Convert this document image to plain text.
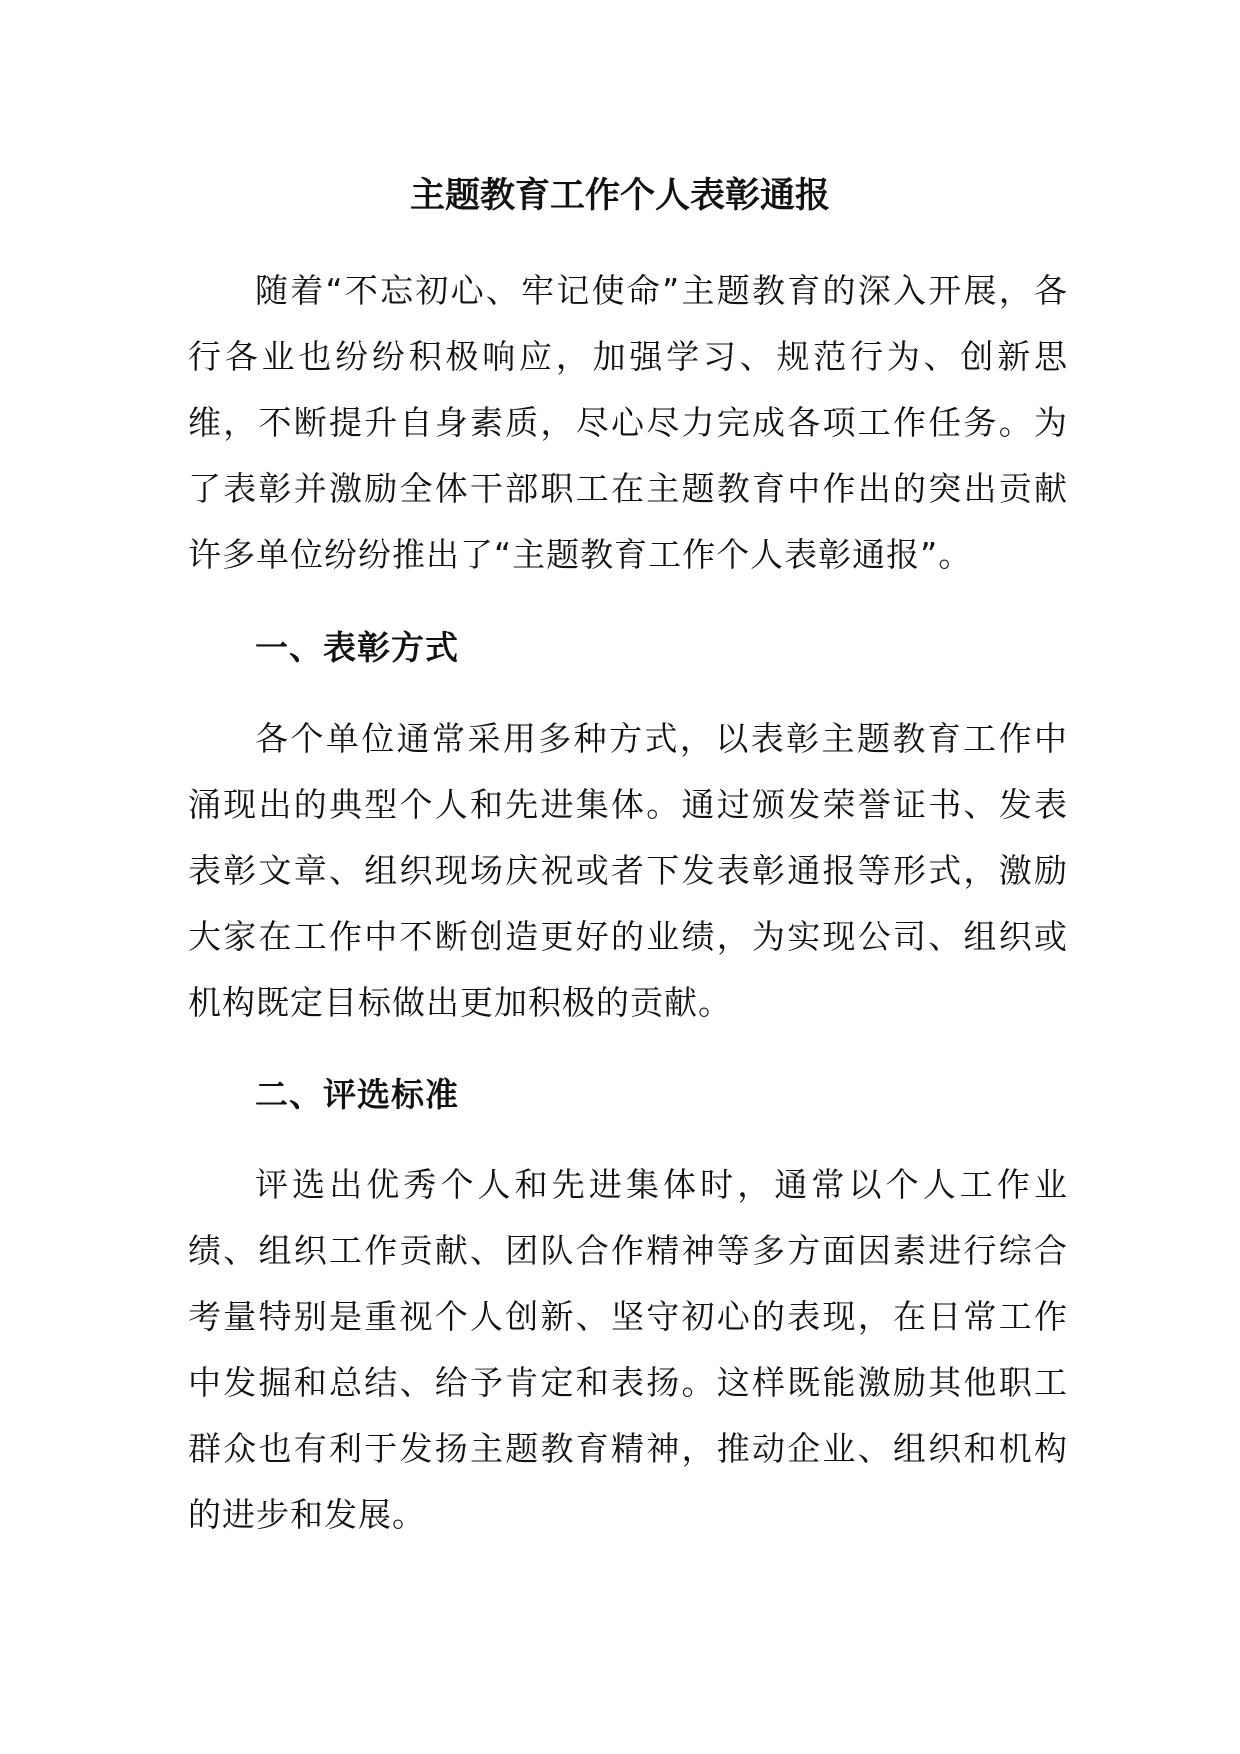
主题教育工作个人表彰通报

随着“不忘初心、牢记使命”主题教育的深入开展，各行各业也纷纷积极响应，加强学习、规范行为、创新思维，不断提升自身素质，尽心尽力完成各项工作任务。为了表彰并激励全体干部职工在主题教育中作出的突出贡献许多单位纷纷推出了“主题教育工作个人表彰通报”。

一、表彰方式

各个单位通常采用多种方式，以表彰主题教育工作中涌现出的典型个人和先进集体。通过颁发荣誉证书、发表表彰文章、组织现场庆祝或者下发表彰通报等形式，激励大家在工作中不断创造更好的业绩，为实现公司、组织或机构既定目标做出更加积极的贡献。

二、评选标准

评选出优秀个人和先进集体时，通常以个人工作业绩、组织工作贡献、团队合作精神等多方面因素进行综合考量特别是重视个人创新、坚守初心的表现，在日常工作中发掘和总结、给予肯定和表扬。这样既能激励其他职工群众也有利于发扬主题教育精神，推动企业、组织和机构的进步和发展。
